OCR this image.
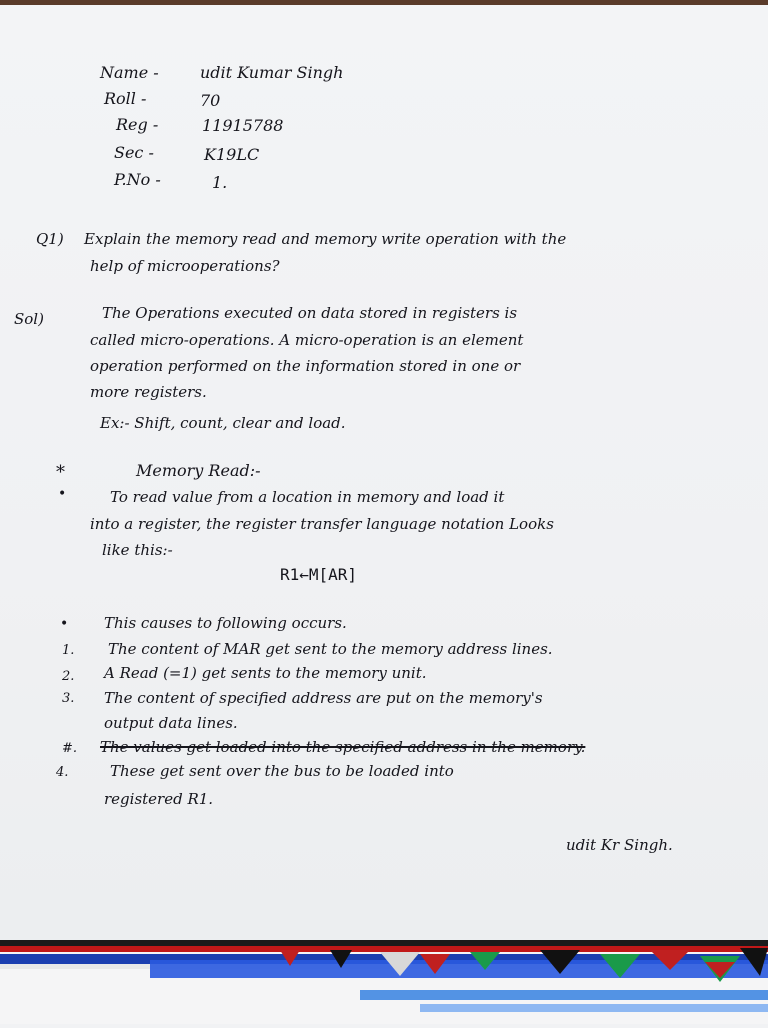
Name -	udit Kumar Singh
Roll -	70
Reg -	11915788
Sec -	K19LC
P.No -	1.
Q1) Explain the memory read and memory write operation with the
help of microoperations?
Sol)	The Operations executed on data stored in registers is
called micro-operations. A micro-operation is an element
operation performed on the information stored in one or
more registers.
Ex:- Shift, count, clear and load.
*	Memory Read:-
•	To read value from a location in memory and load it
into a register, the register transfer language notation Looks
like this:-
R1←M[AR]
• This causes to following occurs.
1. The content of MAR get sent to the memory address lines.
2. A Read (=1) get sents to the memory unit.
3. The content of specified address are put on the memory's
output data lines.
#. The values get loaded into the specified address in the memory.
4.	These get sent over the bus to be loaded into
registered R1.
udit Kr Singh.
